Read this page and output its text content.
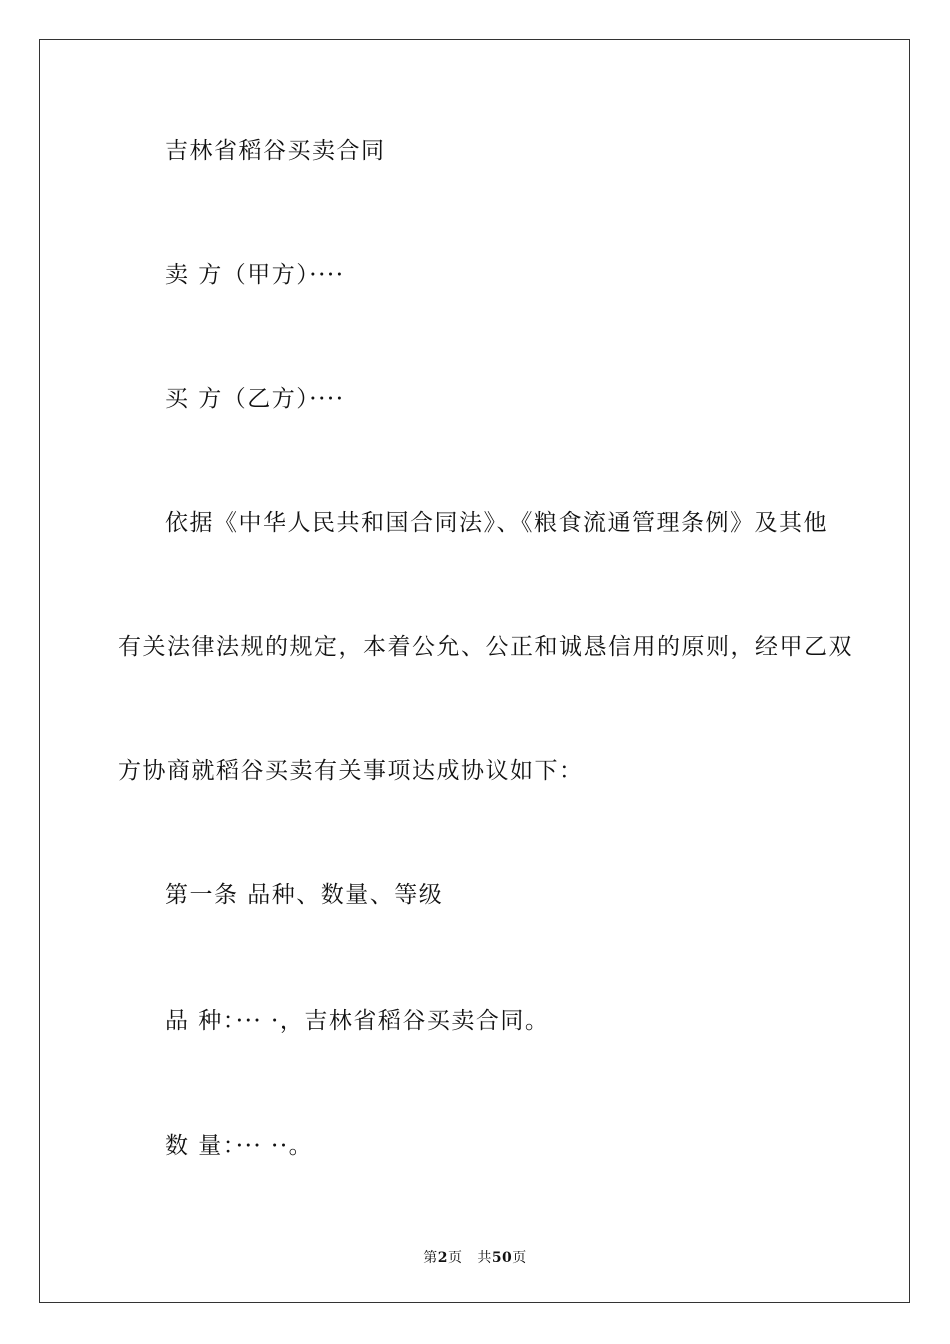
吉林省稻谷买卖合同
卖 方（甲方）····
买 方（乙方）····
依据《中华人民共和国合同法》、《粮食流通管理条例》及其他
有关法律法规的规定，本着公允、公正和诚恳信用的原则，经甲乙双
方协商就稻谷买卖有关事项达成协议如下：
第一条 品种、数量、等级
品 种：··· ·，吉林省稻谷买卖合同。
数 量：··· ··。
第2页 共50页
